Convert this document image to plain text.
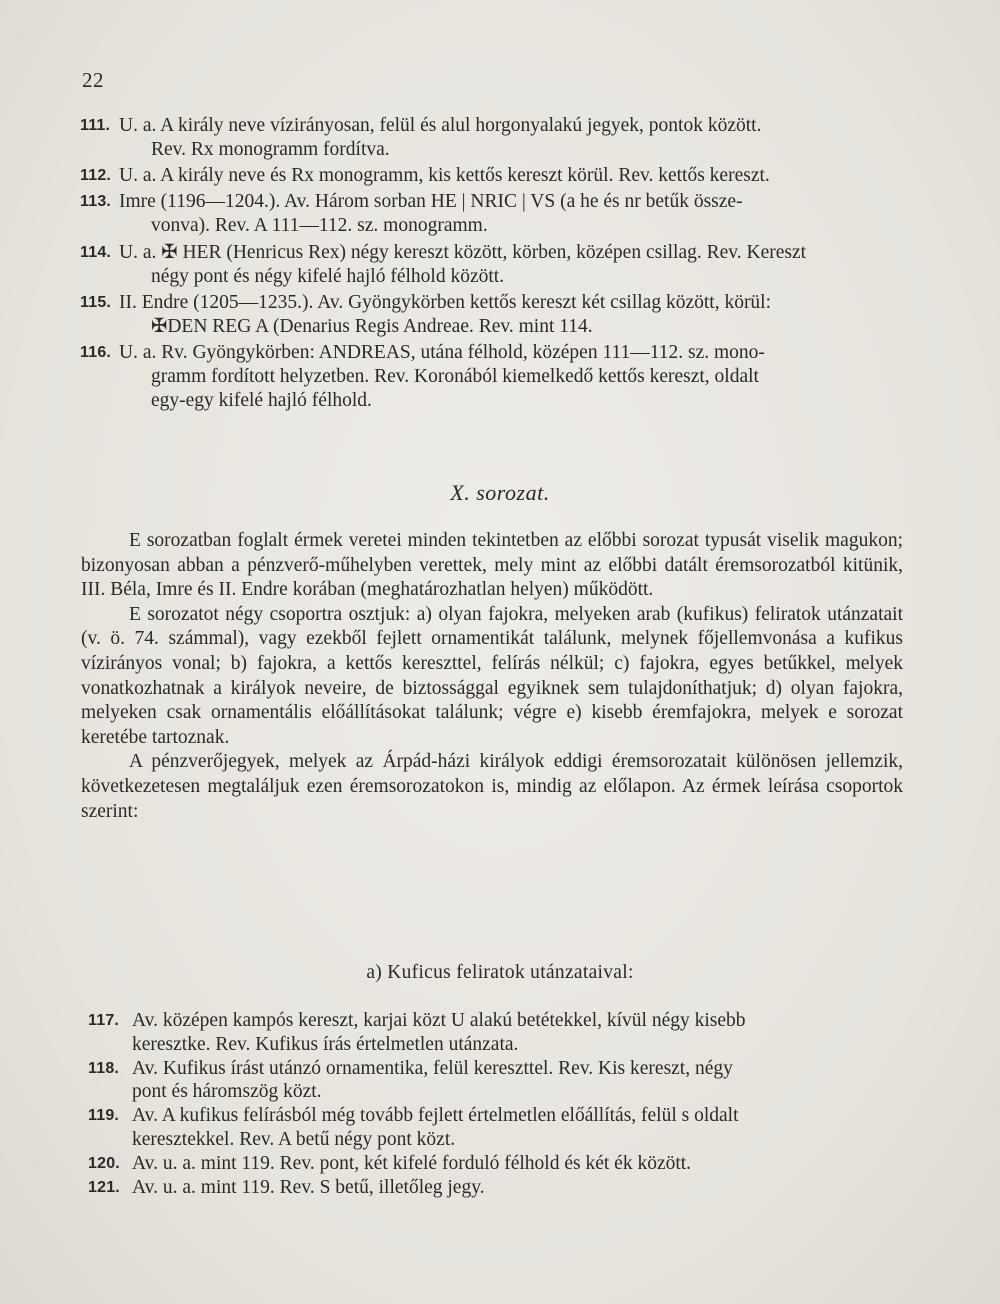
22
111. U. a. A király neve vízirányosan, felül és alul horgonyalakú jegyek, pontok között.
Rev. Rx monogramm fordítva.
112. U. a. A király neve és Rx monogramm, kis kettős kereszt körül. Rev. kettős kereszt.
113. Imre (1196—1204.). Av. Három sorban HE | NRIC | VS (a he és nr betűk össze-
vonva). Rev. A 111—112. sz. monogramm.
114. U. a. ✠ HER (Henricus Rex) négy kereszt között, körben, középen csillag. Rev. Kereszt
négy pont és négy kifelé hajló félhold között.
115. II. Endre (1205—1235.). Av. Gyöngykörben kettős kereszt két csillag között, körül:
✠DEN REG A (Denarius Regis Andreae. Rev. mint 114.
116. U. a. Rv. Gyöngykörben: ANDREAS, utána félhold, középen 111—112. sz. mono-
gramm fordított helyzetben. Rev. Koronából kiemelkedő kettős kereszt, oldalt
egy-egy kifelé hajló félhold.
X. sorozat.

E sorozatban foglalt érmek veretei minden tekintetben az előbbi sorozat typusát viselik magukon; bizonyosan abban a pénzverő-műhelyben verettek, mely mint az előbbi datált éremsorozatból kitünik, III. Béla, Imre és II. Endre korában (meghatározhatlan helyen) működött.

E sorozatot négy csoportra osztjuk: a) olyan fajokra, melyeken arab (kufikus) feliratok utánzatait (v. ö. 74. számmal), vagy ezekből fejlett ornamentikát találunk, melynek főjellemvonása a kufikus vízirányos vonal; b) fajokra, a kettős kereszttel, felírás nélkül; c) fajokra, egyes betűkkel, melyek vonatkozhatnak a királyok neveire, de biztossággal egyiknek sem tulajdoníthatjuk; d) olyan fajokra, melyeken csak ornamentális előállításokat találunk; végre e) kisebb éremfajokra, melyek e sorozat keretébe tartoznak.

A pénzverőjegyek, melyek az Árpád-házi királyok eddigi éremsorozatait különösen jellemzik, következetesen megtaláljuk ezen éremsorozatokon is, mindig az előlapon. Az érmek leírása csoportok szerint:

a) Kuficus feliratok utánzataival:
117. Av. középen kampós kereszt, karjai közt U alakú betétekkel, kívül négy kisebb
keresztke. Rev. Kufikus írás értelmetlen utánzata.
118. Av. Kufikus írást utánzó ornamentika, felül kereszttel. Rev. Kis kereszt, négy
pont és háromszög közt.
119. Av. A kufikus felírásból még tovább fejlett értelmetlen előállítás, felül s oldalt
keresztekkel. Rev. A betű négy pont közt.
120. Av. u. a. mint 119. Rev. pont, két kifelé forduló félhold és két ék között.
121. Av. u. a. mint 119. Rev. S betű, illetőleg jegy.
